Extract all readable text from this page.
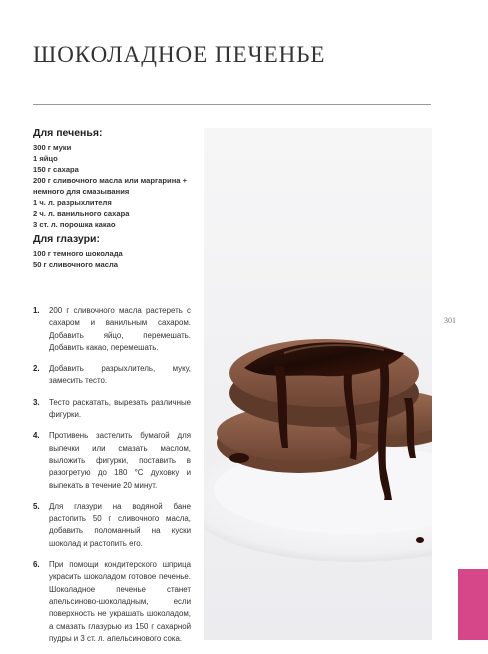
ШОКОЛАДНОЕ ПЕЧЕНЬЕ
Для печенья:
300 г муки
1 яйцо
150 г сахара
200 г сливочного масла или маргарина +
немного для смазывания
1 ч. л. разрыхлителя
2 ч. л. ванильного сахара
3 ст. л. порошка какао
Для глазури:
100 г темного шоколада
50 г сливочного масла
1. 200 г сливочного масла растереть с сахаром и ванильным сахаром. Добавить яйцо, перемешать. Добавить какао, перемешать.
2. Добавить разрыхлитель, муку, замесить тесто.
3. Тесто раскатать, вырезать различные фигурки.
4. Противень застелить бумагой для выпечки или смазать маслом, выложить фигурки, поставить в разогретую до 180 °С духовку и выпекать в течение 20 минут.
5. Для глазури на водяной бане растопить 50 г сливочного масла, добавить поломанный на куски шоколад и растопить его.
6. При помощи кондитерского шприца украсить шоколадом готовое печенье. Шоколадное печенье станет апельсиново-шоколадным, если поверхность не украшать шоколадом, а смазать глазурью из 150 г сахарной пудры и 3 ст. л. апельсинового сока.
301
